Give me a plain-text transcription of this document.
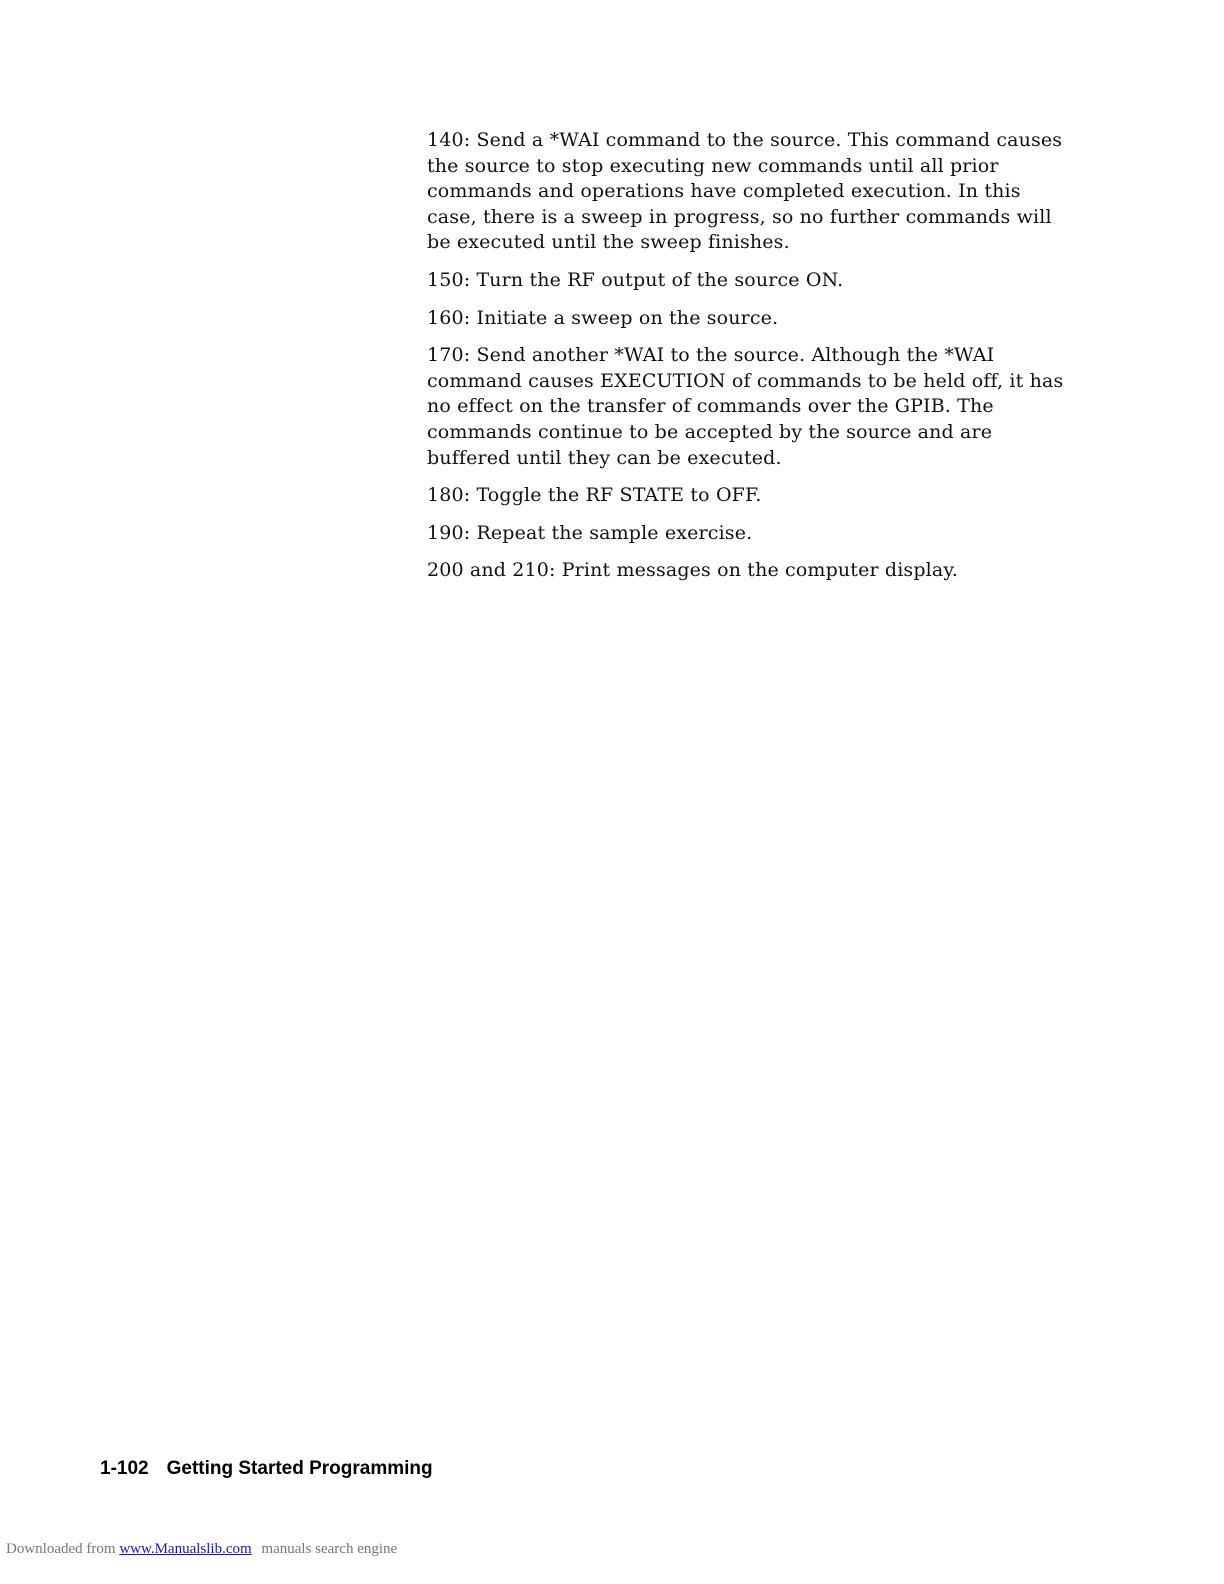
140: Send a *WAI command to the source. This command causes the source to stop executing new commands until all prior commands and operations have completed execution. In this case, there is a sweep in progress, so no further commands will be executed until the sweep finishes.

150: Turn the RF output of the source ON.

160: Initiate a sweep on the source.

170: Send another *WAI to the source. Although the *WAI command causes EXECUTION of commands to be held off, it has no effect on the transfer of commands over the GPIB. The commands continue to be accepted by the source and are buffered until they can be executed.

180: Toggle the RF STATE to OFF.

190: Repeat the sample exercise.

200 and 210: Print messages on the computer display.

1-102 Getting Started Programming
Downloaded from www.Manualslib.com manuals search engine
